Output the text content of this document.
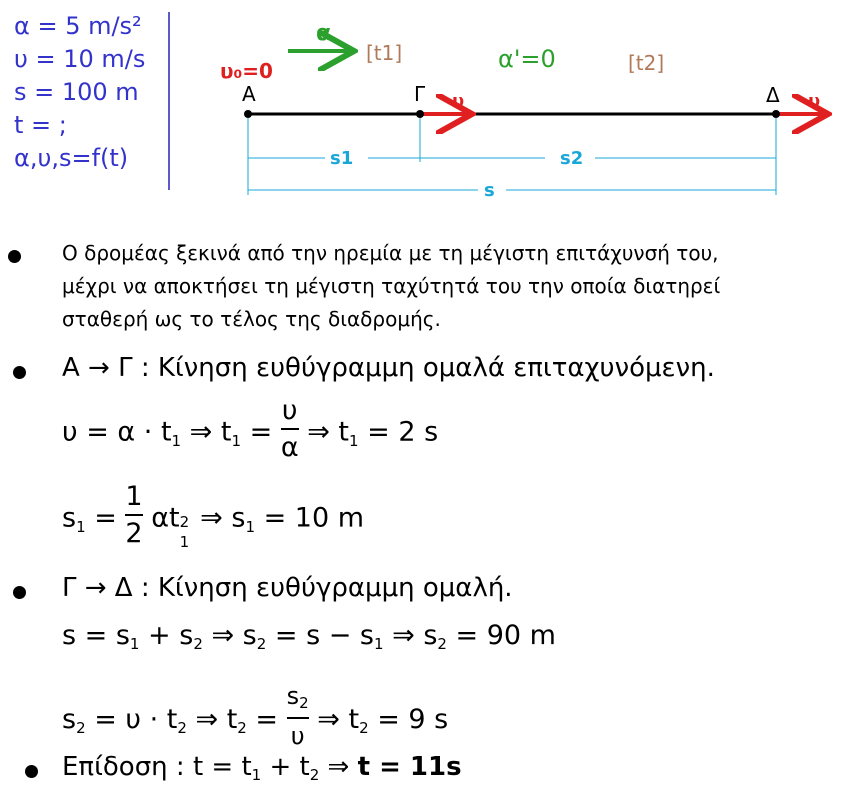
α = 5 m/s²
υ = 10 m/s
s = 100 m
t = ;
α,υ,s=f(t)
α
[t1]
υ₀=0	α'=0	[t2]
Α	Γ	Δ
υ	υ
s1	s2
s
Ο δρομέας ξεκινά από την ηρεμία με τη μέγιστη επιτάχυνσή του,
μέχρι να αποκτήσει τη μέγιστη ταχύτητά του την οποία διατηρεί
σταθερή ως το τέλος της διαδρομής.
Α → Γ : Κίνηση ευθύγραμμη ομαλά επιταχυνόμενη.
υ = α · t1 ⇒ $t1 = \frac{\upsilon}{\alpha}$ ⇒ t1 = 2 s
$s1 = \frac{1}{2}$ αt 2
1
⇒ s1 = 10 m
Γ → Δ : Κίνηση ευθύγραμμη ομαλή.
s = s1 + s2 ⇒ s2 = s − s1 ⇒ s2 = 90 m
s2 = υ · t2 ⇒ $t2 = \frac{s2}{\upsilon}$ ⇒ t2 = 9 s
Επίδοση : t = t1 + t2 ⇒ t = 11s
